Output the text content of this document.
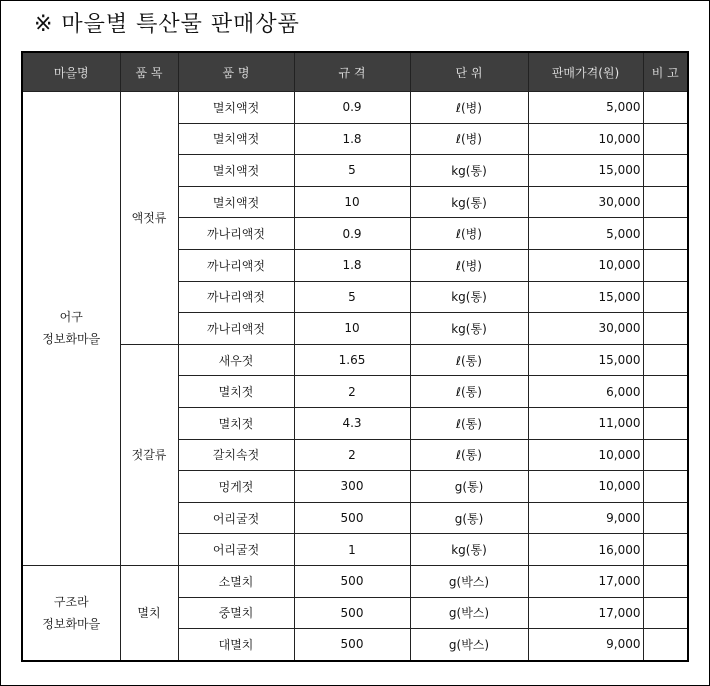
※ 마을별 특산물 판매상품
마을명	품 목	품 명	규 격	단 위	판매가격(원)	비 고

어구
정보화마을	액젓류	멸치액젓	0.9	ℓ(병)	5,000	
		멸치액젓	1.8	ℓ(병)	10,000	
		멸치액젓	5	kg(통)	15,000	
		멸치액젓	10	kg(통)	30,000	
		까나리액젓	0.9	ℓ(병)	5,000	
		까나리액젓	1.8	ℓ(병)	10,000	
		까나리액젓	5	kg(통)	15,000	
		까나리액젓	10	kg(통)	30,000	
	젓갈류	새우젓	1.65	ℓ(통)	15,000	
		멸치젓	2	ℓ(통)	6,000	
		멸치젓	4.3	ℓ(통)	11,000	
		갈치속젓	2	ℓ(통)	10,000	
		멍게젓	300	g(통)	10,000	
		어리굴젓	500	g(통)	9,000	
		어리굴젓	1	kg(통)	16,000	

구조라
정보화마을	멸치	소멸치	500	g(박스)	17,000	
		중멸치	500	g(박스)	17,000	
		대멸치	500	g(박스)	9,000	
